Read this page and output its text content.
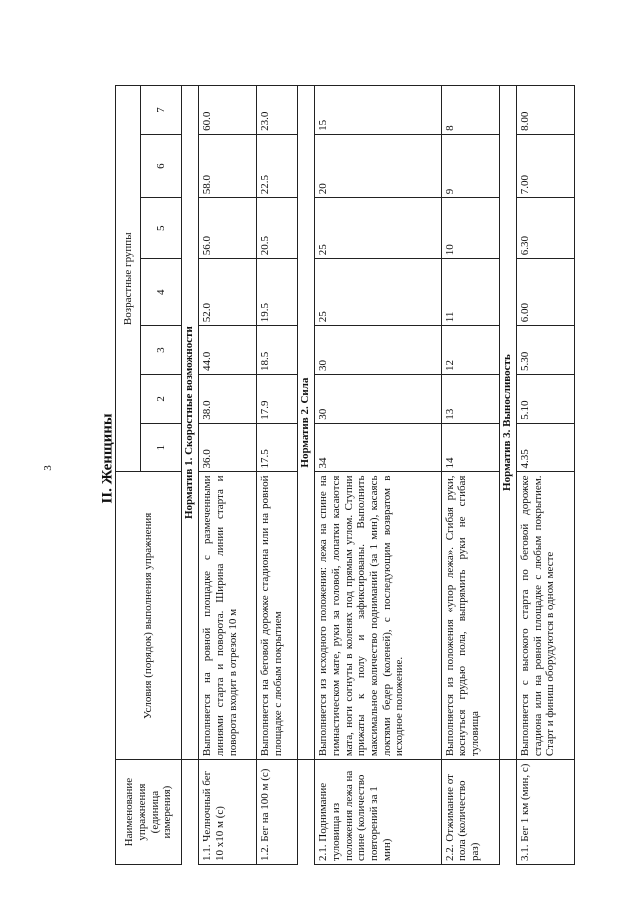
3	II. Женщины
Наименование упражнения (единица измерения)	Условия (порядок) выполнения упражнения	Возрастные группы						
		1	2	3	4	5	6	7
	Норматив 1. Скоростные возможности							
1.1. Челночный бег 10 х10 м (с)	Выполняется на ровной площадке с размеченными линиями старта и поворота. Ширина линии старта и поворота входит в отрезок 10 м	36.0	38.0	44.0	52.0	56.0	58.0	60.0
1.2. Бег на 100 м (с)	Выполняется на беговой дорожке стадиона или на ровной площадке с любым покрытием	17.5	17.9	18.5	19.5	20.5	22.5	23.0
	Норматив 2. Сила							
2.1. Поднимание туловища из положения лежа на спине (количество повторений за 1 мин)	Выполняется из исходного положения: лежа на спине на гимнастическом мате, руки за головой, лопатки касаются мата, ноги согнуты в коленях под прямым углом. Ступни прижаты к полу и зафиксированы. Выполнить максимальное количество подниманий (за 1 мин), касаясь локтями бедер (коленей), с последующим возвратом в исходное положение.	34	30	30	25	25	20	15
2.2. Отжимание от пола (количество раз)	Выполняется из положения «упор лежа». Сгибая руки, коснуться грудью пола, выпрямить руки не сгибая туловища	14	13	12	11	10	9	8
	Норматив 3. Выносливость							
3.1. Бег 1 км (мин, с)	Выполняется с высокого старта по беговой дорожке стадиона или на ровной площадке с любым покрытием. Старт и финиш оборудуются в одном месте	4.35	5.10	5.30	6.00	6.30	7.00	8.00
